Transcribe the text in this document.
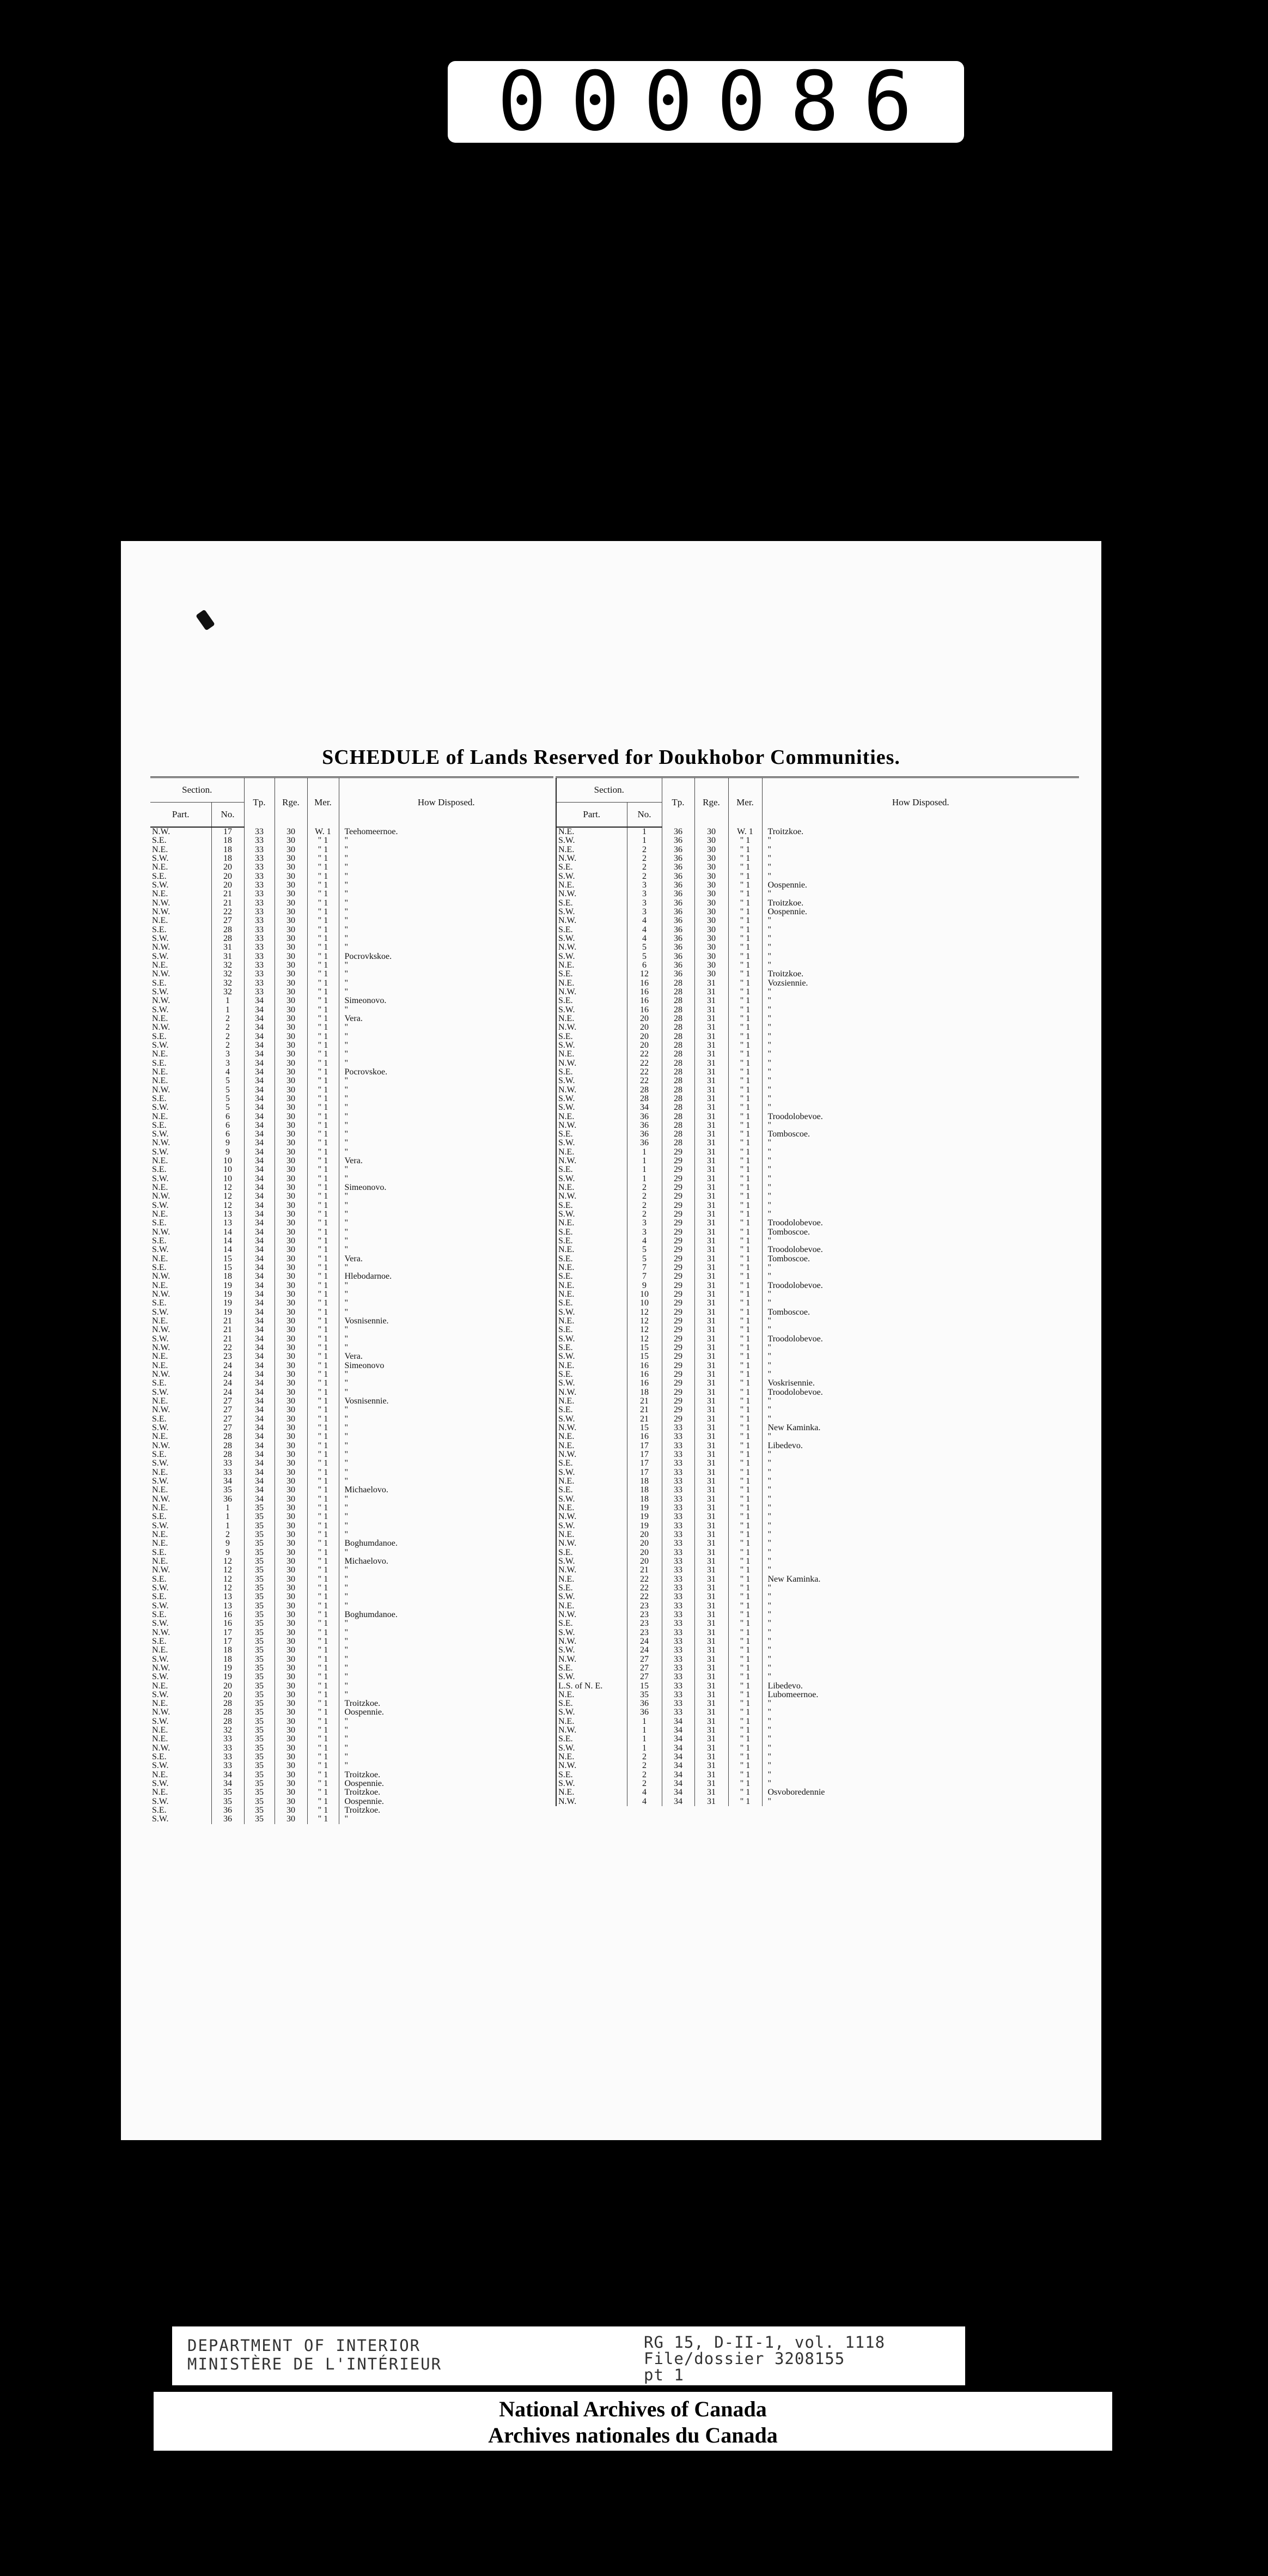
000086
SCHEDULE of Lands Reserved for Doukhobor Communities.
Section.		Tp.	Rge.	Mer.	How Disposed.
Part.	No.				
N.W.	17	33	30	W. 1	Teehomeernoe.
S.E.	18	33	30	" 1	"
N.E.	18	33	30	" 1	"
S.W.	18	33	30	" 1	"
N.E.	20	33	30	" 1	"
S.E.	20	33	30	" 1	"
S.W.	20	33	30	" 1	"
N.E.	21	33	30	" 1	"
N.W.	21	33	30	" 1	"
N.W.	22	33	30	" 1	"
N.E.	27	33	30	" 1	"
S.E.	28	33	30	" 1	"
S.W.	28	33	30	" 1	"
N.W.	31	33	30	" 1	"
S.W.	31	33	30	" 1	Pocrovkskoe.
N.E.	32	33	30	" 1	"
N.W.	32	33	30	" 1	"
S.E.	32	33	30	" 1	"
S.W.	32	33	30	" 1	"
N.W.	1	34	30	" 1	Simeonovo.
S.W.	1	34	30	" 1	"
N.E.	2	34	30	" 1	Vera.
N.W.	2	34	30	" 1	"
S.E.	2	34	30	" 1	"
S.W.	2	34	30	" 1	"
N.E.	3	34	30	" 1	"
S.E.	3	34	30	" 1	"
N.E.	4	34	30	" 1	Pocrovskoe.
N.E.	5	34	30	" 1	"
N.W.	5	34	30	" 1	"
S.E.	5	34	30	" 1	"
S.W.	5	34	30	" 1	"
N.E.	6	34	30	" 1	"
S.E.	6	34	30	" 1	"
S.W.	6	34	30	" 1	"
N.W.	9	34	30	" 1	"
S.W.	9	34	30	" 1	"
N.E.	10	34	30	" 1	Vera.
S.E.	10	34	30	" 1	"
S.W.	10	34	30	" 1	"
N.E.	12	34	30	" 1	Simeonovo.
N.W.	12	34	30	" 1	"
S.W.	12	34	30	" 1	"
N.E.	13	34	30	" 1	"
S.E.	13	34	30	" 1	"
N.W.	14	34	30	" 1	"
S.E.	14	34	30	" 1	"
S.W.	14	34	30	" 1	"
N.E.	15	34	30	" 1	Vera.
S.E.	15	34	30	" 1	"
N.W.	18	34	30	" 1	Hlebodarnoe.
N.E.	19	34	30	" 1	"
N.W.	19	34	30	" 1	"
S.E.	19	34	30	" 1	"
S.W.	19	34	30	" 1	"
N.E.	21	34	30	" 1	Vosnisennie.
N.W.	21	34	30	" 1	"
S.W.	21	34	30	" 1	"
N.W.	22	34	30	" 1	"
N.E.	23	34	30	" 1	Vera.
N.E.	24	34	30	" 1	Simeonovo
N.W.	24	34	30	" 1	"
S.E.	24	34	30	" 1	"
S.W.	24	34	30	" 1	"
N.E.	27	34	30	" 1	Vosnisennie.
N.W.	27	34	30	" 1	"
S.E.	27	34	30	" 1	"
S.W.	27	34	30	" 1	"
N.E.	28	34	30	" 1	"
N.W.	28	34	30	" 1	"
S.E.	28	34	30	" 1	"
S.W.	33	34	30	" 1	"
N.E.	33	34	30	" 1	"
S.W.	34	34	30	" 1	"
N.E.	35	34	30	" 1	Michaelovo.
N.W.	36	34	30	" 1	"
N.E.	1	35	30	" 1	"
S.E.	1	35	30	" 1	"
S.W.	1	35	30	" 1	"
N.E.	2	35	30	" 1	"
N.E.	9	35	30	" 1	Boghumdanoe.
S.E.	9	35	30	" 1	"
N.E.	12	35	30	" 1	Michaelovo.
N.W.	12	35	30	" 1	"
S.E.	12	35	30	" 1	"
S.W.	12	35	30	" 1	"
S.E.	13	35	30	" 1	"
S.W.	13	35	30	" 1	"
S.E.	16	35	30	" 1	Boghumdanoe.
S.W.	16	35	30	" 1	"
N.W.	17	35	30	" 1	"
S.E.	17	35	30	" 1	"
N.E.	18	35	30	" 1	"
S.W.	18	35	30	" 1	"
N.W.	19	35	30	" 1	"
S.W.	19	35	30	" 1	"
N.E.	20	35	30	" 1	"
S.W.	20	35	30	" 1	"
N.E.	28	35	30	" 1	Troitzkoe.
N.W.	28	35	30	" 1	Oospennie.
S.W.	28	35	30	" 1	"
N.E.	32	35	30	" 1	"
N.E.	33	35	30	" 1	"
N.W.	33	35	30	" 1	"
S.E.	33	35	30	" 1	"
S.W.	33	35	30	" 1	"
N.E.	34	35	30	" 1	Troitzkoe.
S.W.	34	35	30	" 1	Oospennie.
N.E.	35	35	30	" 1	Troitzkoe.
S.W.	35	35	30	" 1	Oospennie.
S.E.	36	35	30	" 1	Troitzkoe.
S.W.	36	35	30	" 1	"
Section.		Tp.	Rge.	Mer.	How Disposed.
Part.	No.				
N.E.	1	36	30	W. 1	Troitzkoe.
S.W.	1	36	30	" 1	"
N.E.	2	36	30	" 1	"
N.W.	2	36	30	" 1	"
S.E.	2	36	30	" 1	"
S.W.	2	36	30	" 1	"
N.E.	3	36	30	" 1	Oospennie.
N.W.	3	36	30	" 1	"
S.E.	3	36	30	" 1	Troitzkoe.
S.W.	3	36	30	" 1	Oospennie.
N.W.	4	36	30	" 1	"
S.E.	4	36	30	" 1	"
S.W.	4	36	30	" 1	"
N.W.	5	36	30	" 1	"
S.W.	5	36	30	" 1	"
N.E.	6	36	30	" 1	"
S.E.	12	36	30	" 1	Troitzkoe.
N.E.	16	28	31	" 1	Vozsiennie.
N.W.	16	28	31	" 1	"
S.E.	16	28	31	" 1	"
S.W.	16	28	31	" 1	"
N.E.	20	28	31	" 1	"
N.W.	20	28	31	" 1	"
S.E.	20	28	31	" 1	"
S.W.	20	28	31	" 1	"
N.E.	22	28	31	" 1	"
N.W.	22	28	31	" 1	"
S.E.	22	28	31	" 1	"
S.W.	22	28	31	" 1	"
N.W.	28	28	31	" 1	"
S.W.	28	28	31	" 1	"
S.W.	34	28	31	" 1	"
N.E.	36	28	31	" 1	Troodolobevoe.
N.W.	36	28	31	" 1	"
S.E.	36	28	31	" 1	Tomboscoe.
S.W.	36	28	31	" 1	"
N.E.	1	29	31	" 1	"
N.W.	1	29	31	" 1	"
S.E.	1	29	31	" 1	"
S.W.	1	29	31	" 1	"
N.E.	2	29	31	" 1	"
N.W.	2	29	31	" 1	"
S.E.	2	29	31	" 1	"
S.W.	2	29	31	" 1	"
N.E.	3	29	31	" 1	Troodolobevoe.
S.E.	3	29	31	" 1	Tomboscoe.
S.E.	4	29	31	" 1	"
N.E.	5	29	31	" 1	Troodolobevoe.
S.E.	5	29	31	" 1	Tomboscoe.
N.E.	7	29	31	" 1	"
S.E.	7	29	31	" 1	"
N.E.	9	29	31	" 1	Troodolobevoe.
N.E.	10	29	31	" 1	"
S.E.	10	29	31	" 1	"
S.W.	12	29	31	" 1	Tomboscoe.
N.E.	12	29	31	" 1	"
S.E.	12	29	31	" 1	"
S.W.	12	29	31	" 1	Troodolobevoe.
S.E.	15	29	31	" 1	"
S.W.	15	29	31	" 1	"
N.E.	16	29	31	" 1	"
S.E.	16	29	31	" 1	"
S.W.	16	29	31	" 1	Voskrisennie.
N.W.	18	29	31	" 1	Troodolobevoe.
N.E.	21	29	31	" 1	"
S.E.	21	29	31	" 1	"
S.W.	21	29	31	" 1	"
N.W.	15	33	31	" 1	New Kaminka.
N.E.	16	33	31	" 1	"
N.E.	17	33	31	" 1	Libedevo.
N.W.	17	33	31	" 1	"
S.E.	17	33	31	" 1	"
S.W.	17	33	31	" 1	"
N.E.	18	33	31	" 1	"
S.E.	18	33	31	" 1	"
S.W.	18	33	31	" 1	"
N.E.	19	33	31	" 1	"
N.W.	19	33	31	" 1	"
S.W.	19	33	31	" 1	"
N.E.	20	33	31	" 1	"
N.W.	20	33	31	" 1	"
S.E.	20	33	31	" 1	"
S.W.	20	33	31	" 1	"
N.W.	21	33	31	" 1	"
N.E.	22	33	31	" 1	New Kaminka.
S.E.	22	33	31	" 1	"
S.W.	22	33	31	" 1	"
N.E.	23	33	31	" 1	"
N.W.	23	33	31	" 1	"
S.E.	23	33	31	" 1	"
S.W.	23	33	31	" 1	"
N.W.	24	33	31	" 1	"
S.W.	24	33	31	" 1	"
N.W.	27	33	31	" 1	"
S.E.	27	33	31	" 1	"
S.W.	27	33	31	" 1	"
L.S. of N. E.	15	33	31	" 1	Libedevo.
N.E.	35	33	31	" 1	Lubomeernoe.
S.E.	36	33	31	" 1	"
S.W.	36	33	31	" 1	"
N.E.	1	34	31	" 1	"
N.W.	1	34	31	" 1	"
S.E.	1	34	31	" 1	"
S.W.	1	34	31	" 1	"
N.E.	2	34	31	" 1	"
N.W.	2	34	31	" 1	"
S.E.	2	34	31	" 1	"
S.W.	2	34	31	" 1	"
N.E.	4	34	31	" 1	Osvoboredennie
N.W.	4	34	31	" 1	"
DEPARTMENT OF INTERIOR
MINISTÈRE DE L'INTÉRIEUR
RG 15, D-II-1, vol. 1118
File/dossier 3208155
pt 1
National Archives of Canada
Archives nationales du Canada
